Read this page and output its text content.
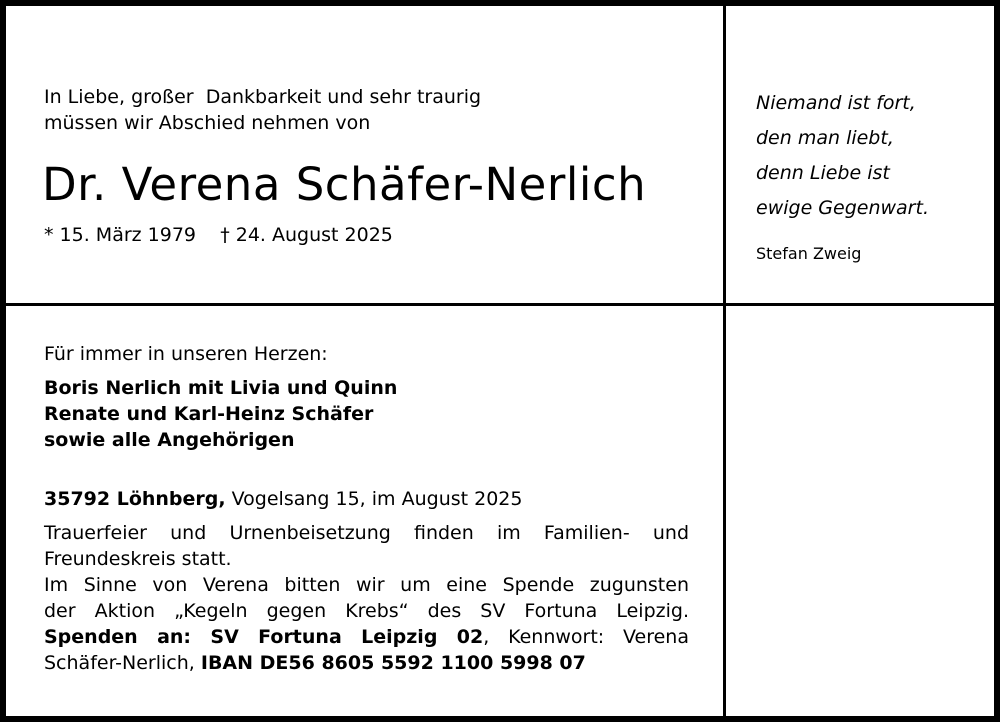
In Liebe, großer  Dankbarkeit und sehr traurig
müssen wir Abschied nehmen von
Dr. Verena Schäfer-Nerlich
* 15. März 1979 † 24. August 2025
Niemand ist fort,
den man liebt,
denn Liebe ist
ewige Gegenwart.
Stefan Zweig
Für immer in unseren Herzen:
Boris Nerlich mit Livia und Quinn
Renate und Karl-Heinz Schäfer
sowie alle Angehörigen
35792 Löhnberg, Vogelsang 15, im August 2025
Trauerfeier und Urnenbeisetzung finden im Familien- und
Freundeskreis statt.
Im Sinne von Verena bitten wir um eine Spende zugunsten
der Aktion „Kegeln gegen Krebs“ des SV Fortuna Leipzig.
Spenden an: SV Fortuna Leipzig 02, Kennwort: Verena
Schäfer-Nerlich, IBAN DE56 8605 5592 1100 5998 07
